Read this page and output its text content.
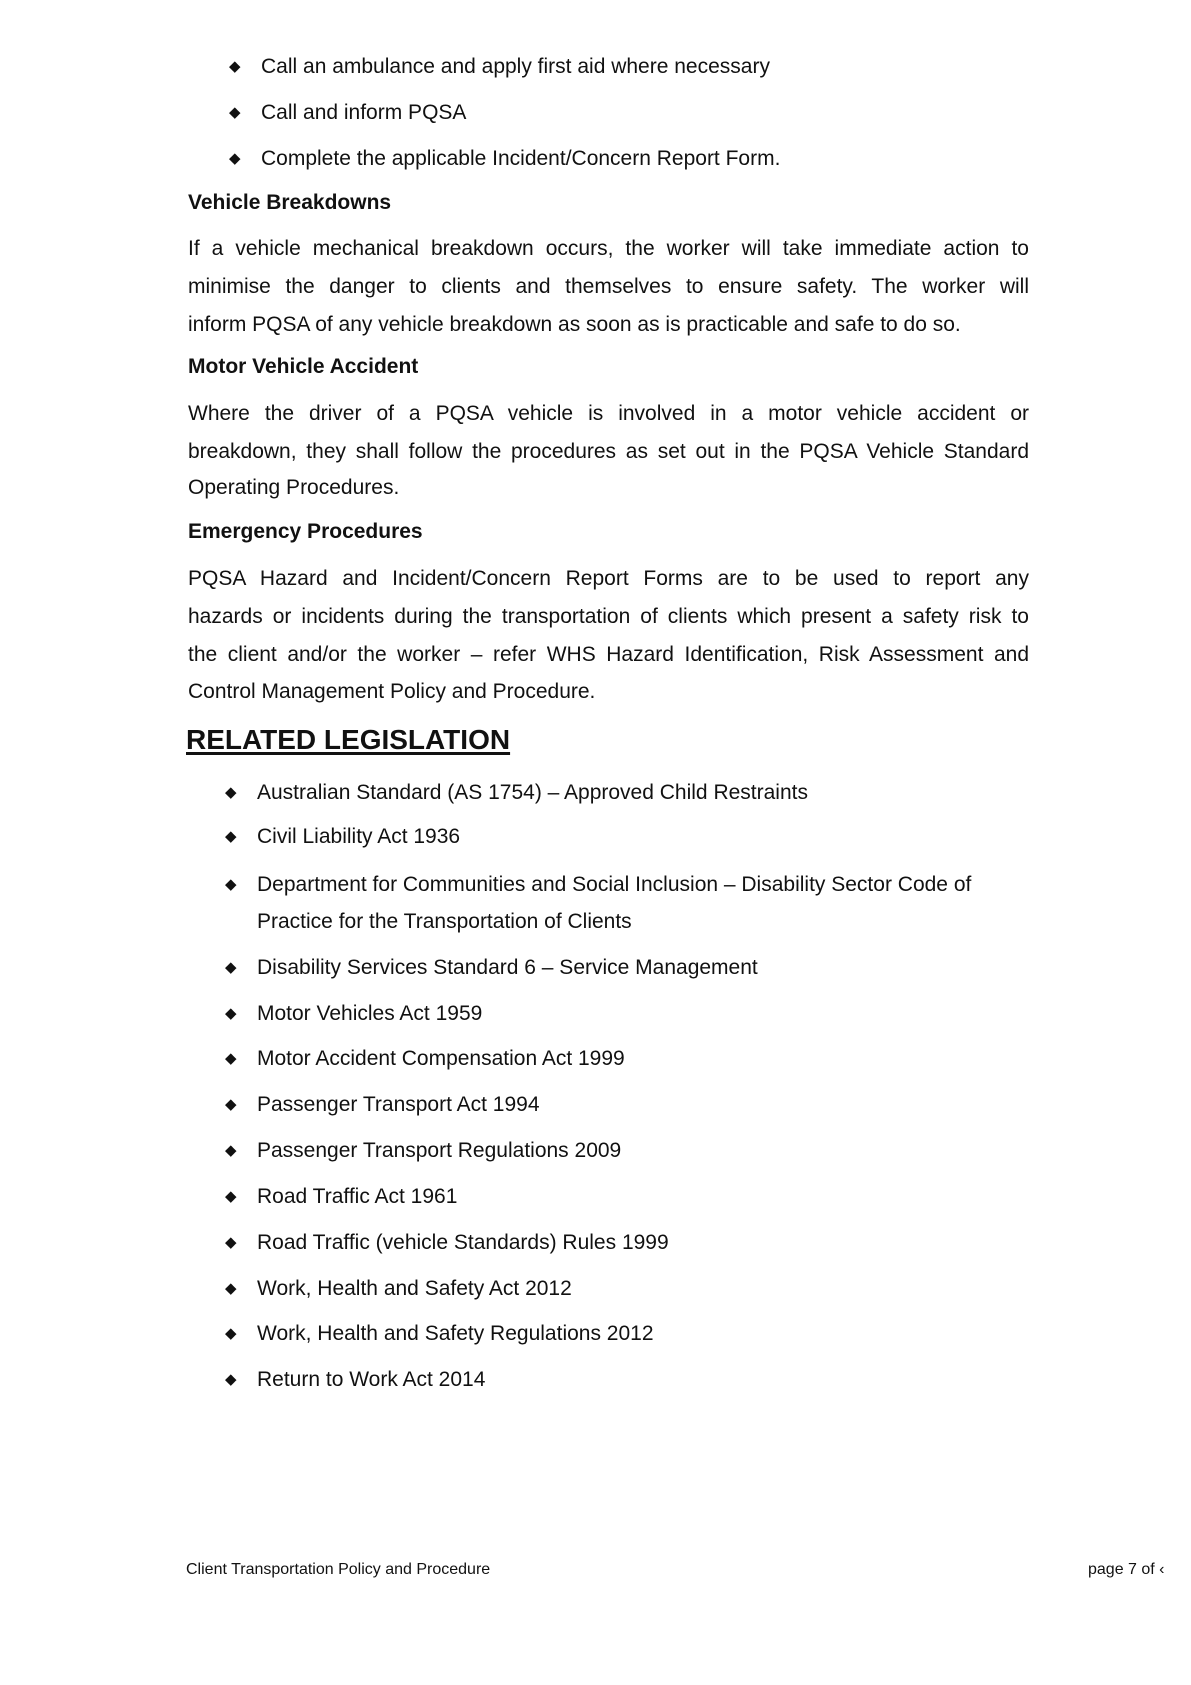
◆ Call an ambulance and apply first aid where necessary
◆ Call and inform PQSA
◆ Complete the applicable Incident/Concern Report Form.
Vehicle Breakdowns
If a vehicle mechanical breakdown occurs, the worker will take immediate action to
minimise the danger to clients and themselves to ensure safety. The worker will
inform PQSA of any vehicle breakdown as soon as is practicable and safe to do so.
Motor Vehicle Accident
Where the driver of a PQSA vehicle is involved in a motor vehicle accident or
breakdown, they shall follow the procedures as set out in the PQSA Vehicle Standard
Operating Procedures.
Emergency Procedures
PQSA Hazard and Incident/Concern Report Forms are to be used to report any
hazards or incidents during the transportation of clients which present a safety risk to
the client and/or the worker – refer WHS Hazard Identification, Risk Assessment and
Control Management Policy and Procedure.
RELATED LEGISLATION
◆ Australian Standard (AS 1754) – Approved Child Restraints
◆ Civil Liability Act 1936
◆ Department for Communities and Social Inclusion – Disability Sector Code of
Practice for the Transportation of Clients
◆ Disability Services Standard 6 – Service Management
◆ Motor Vehicles Act 1959
◆ Motor Accident Compensation Act 1999
◆ Passenger Transport Act 1994
◆ Passenger Transport Regulations 2009
◆ Road Traffic Act 1961
◆ Road Traffic (vehicle Standards) Rules 1999
◆ Work, Health and Safety Act 2012
◆ Work, Health and Safety Regulations 2012
◆ Return to Work Act 2014
Client Transportation Policy and Procedure	page 7 of ‹
